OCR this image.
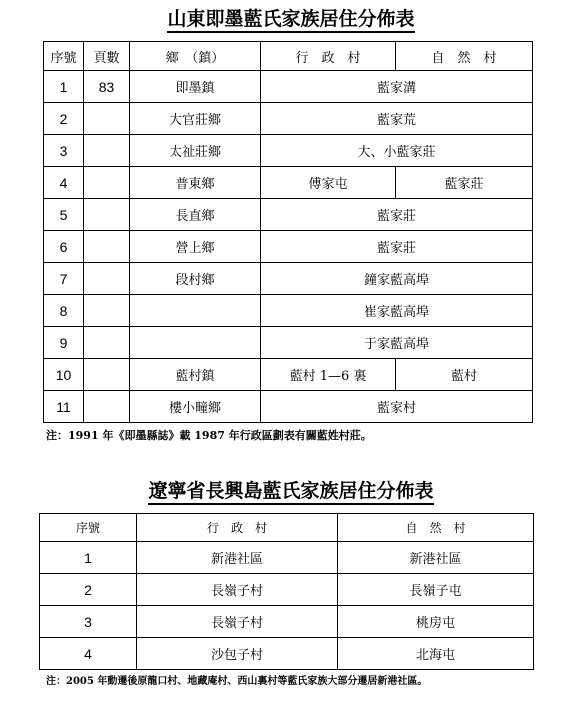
山東即墨藍氏家族居住分佈表
序號	頁數	鄉　（鎮）	行　政　村	自　然　村
1	83	即墨鎮	藍家溝	
2		大官莊鄉	藍家荒	
3		太祉莊鄉	大、小藍家莊	
4		普東鄉	傅家屯	藍家莊
5		長直鄉	藍家莊	
6		營上鄉	藍家莊	
7		段村鄉	鐘家藍高埠	
8			崔家藍高埠	
9			于家藍高埠	
10		藍村鎮	藍村 1—6 裏	藍村
11		樓小疃鄉	藍家村	
注：1991 年《即墨縣誌》載 1987 年行政區劃表有關藍姓村莊。
遼寧省長興島藍氏家族居住分佈表
序號	行　政　村	自　然　村
1	新港社區	新港社區
2	長嶺子村	長嶺子屯
3	長嶺子村	桃房屯
4	沙包子村	北海屯
注：2005 年動遷後原龍口村、地藏庵村、西山裏村等藍氏家族大部分遷居新港社區。
